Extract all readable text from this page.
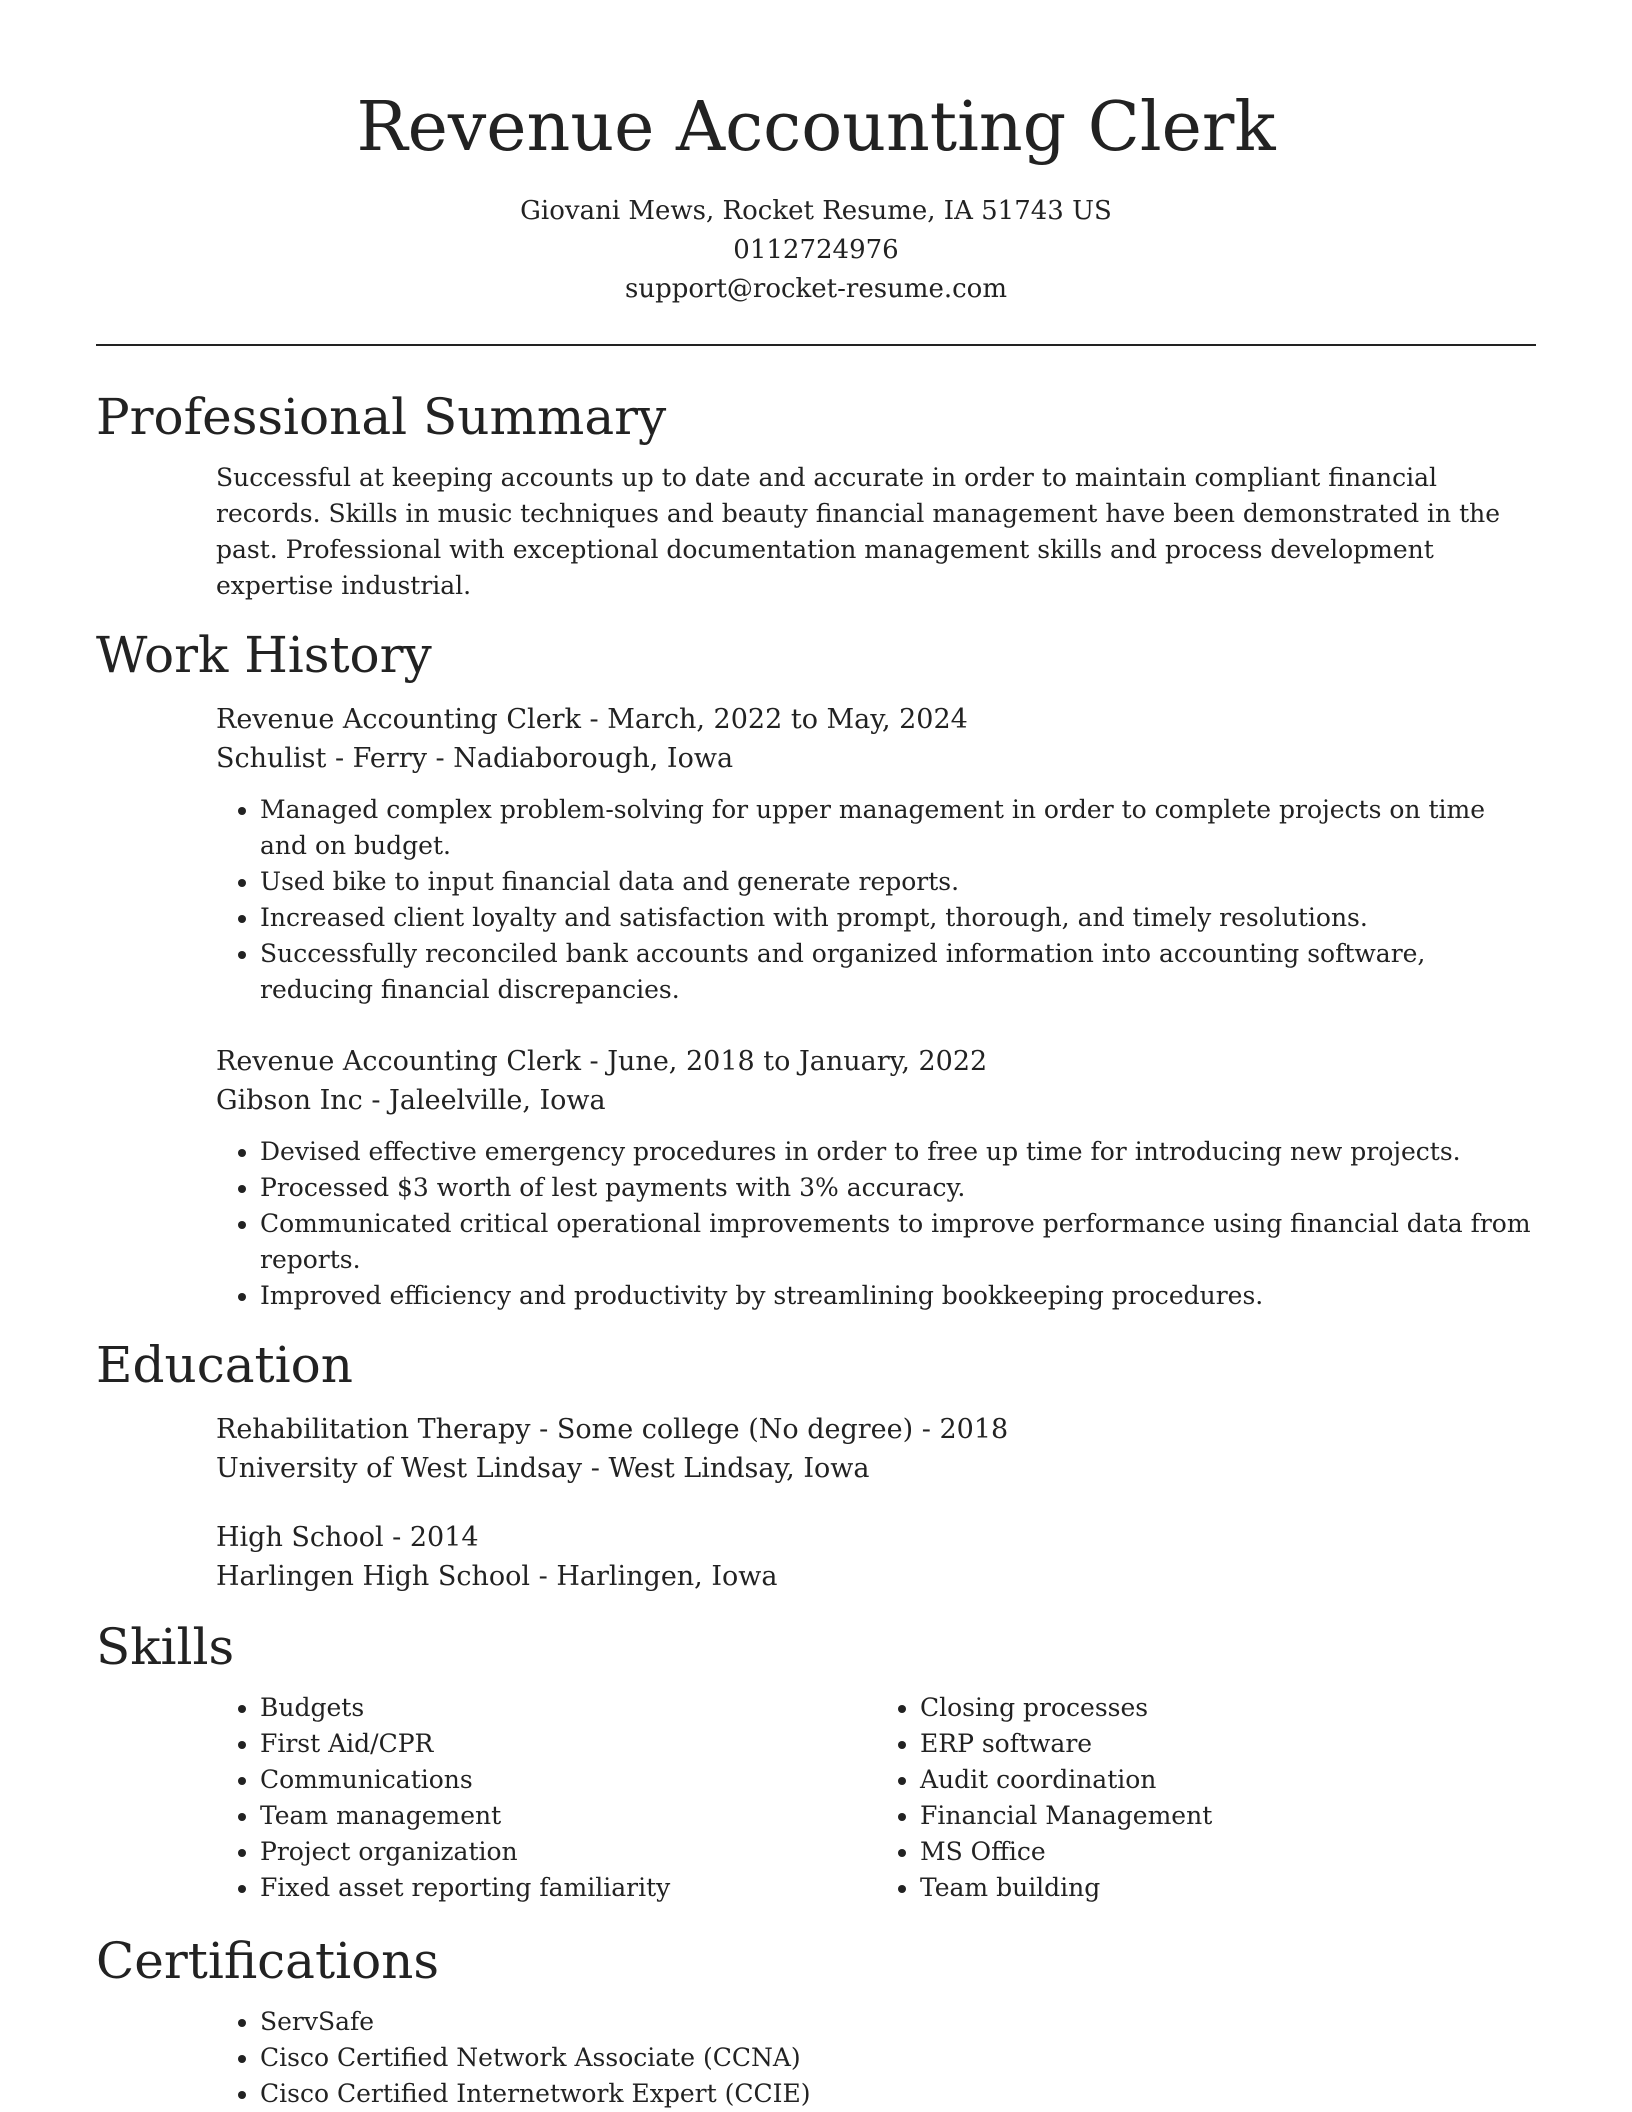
Revenue Accounting Clerk
Giovani Mews, Rocket Resume, IA 51743 US
0112724976
support@rocket-resume.com
Professional Summary
Successful at keeping accounts up to date and accurate in order to maintain compliant financial records. Skills in music techniques and beauty financial management have been demonstrated in the past. Professional with exceptional documentation management skills and process development expertise industrial.
Work History
Revenue Accounting Clerk - March, 2022 to May, 2024
Schulist - Ferry - Nadiaborough, Iowa
• Managed complex problem-solving for upper management in order to complete projects on time and on budget.
• Used bike to input financial data and generate reports.
• Increased client loyalty and satisfaction with prompt, thorough, and timely resolutions.
• Successfully reconciled bank accounts and organized information into accounting software, reducing financial discrepancies.
Revenue Accounting Clerk - June, 2018 to January, 2022
Gibson Inc - Jaleelville, Iowa
• Devised effective emergency procedures in order to free up time for introducing new projects.
• Processed $3 worth of lest payments with 3% accuracy.
• Communicated critical operational improvements to improve performance using financial data from reports.
• Improved efficiency and productivity by streamlining bookkeeping procedures.
Education
Rehabilitation Therapy - Some college (No degree) - 2018
University of West Lindsay - West Lindsay, Iowa
High School - 2014
Harlingen High School - Harlingen, Iowa
Skills
• Budgets
• First Aid/CPR
• Communications
• Team management
• Project organization
• Fixed asset reporting familiarity
• Closing processes
• ERP software
• Audit coordination
• Financial Management
• MS Office
• Team building
Certifications
• ServSafe
• Cisco Certified Network Associate (CCNA)
• Cisco Certified Internetwork Expert (CCIE)
